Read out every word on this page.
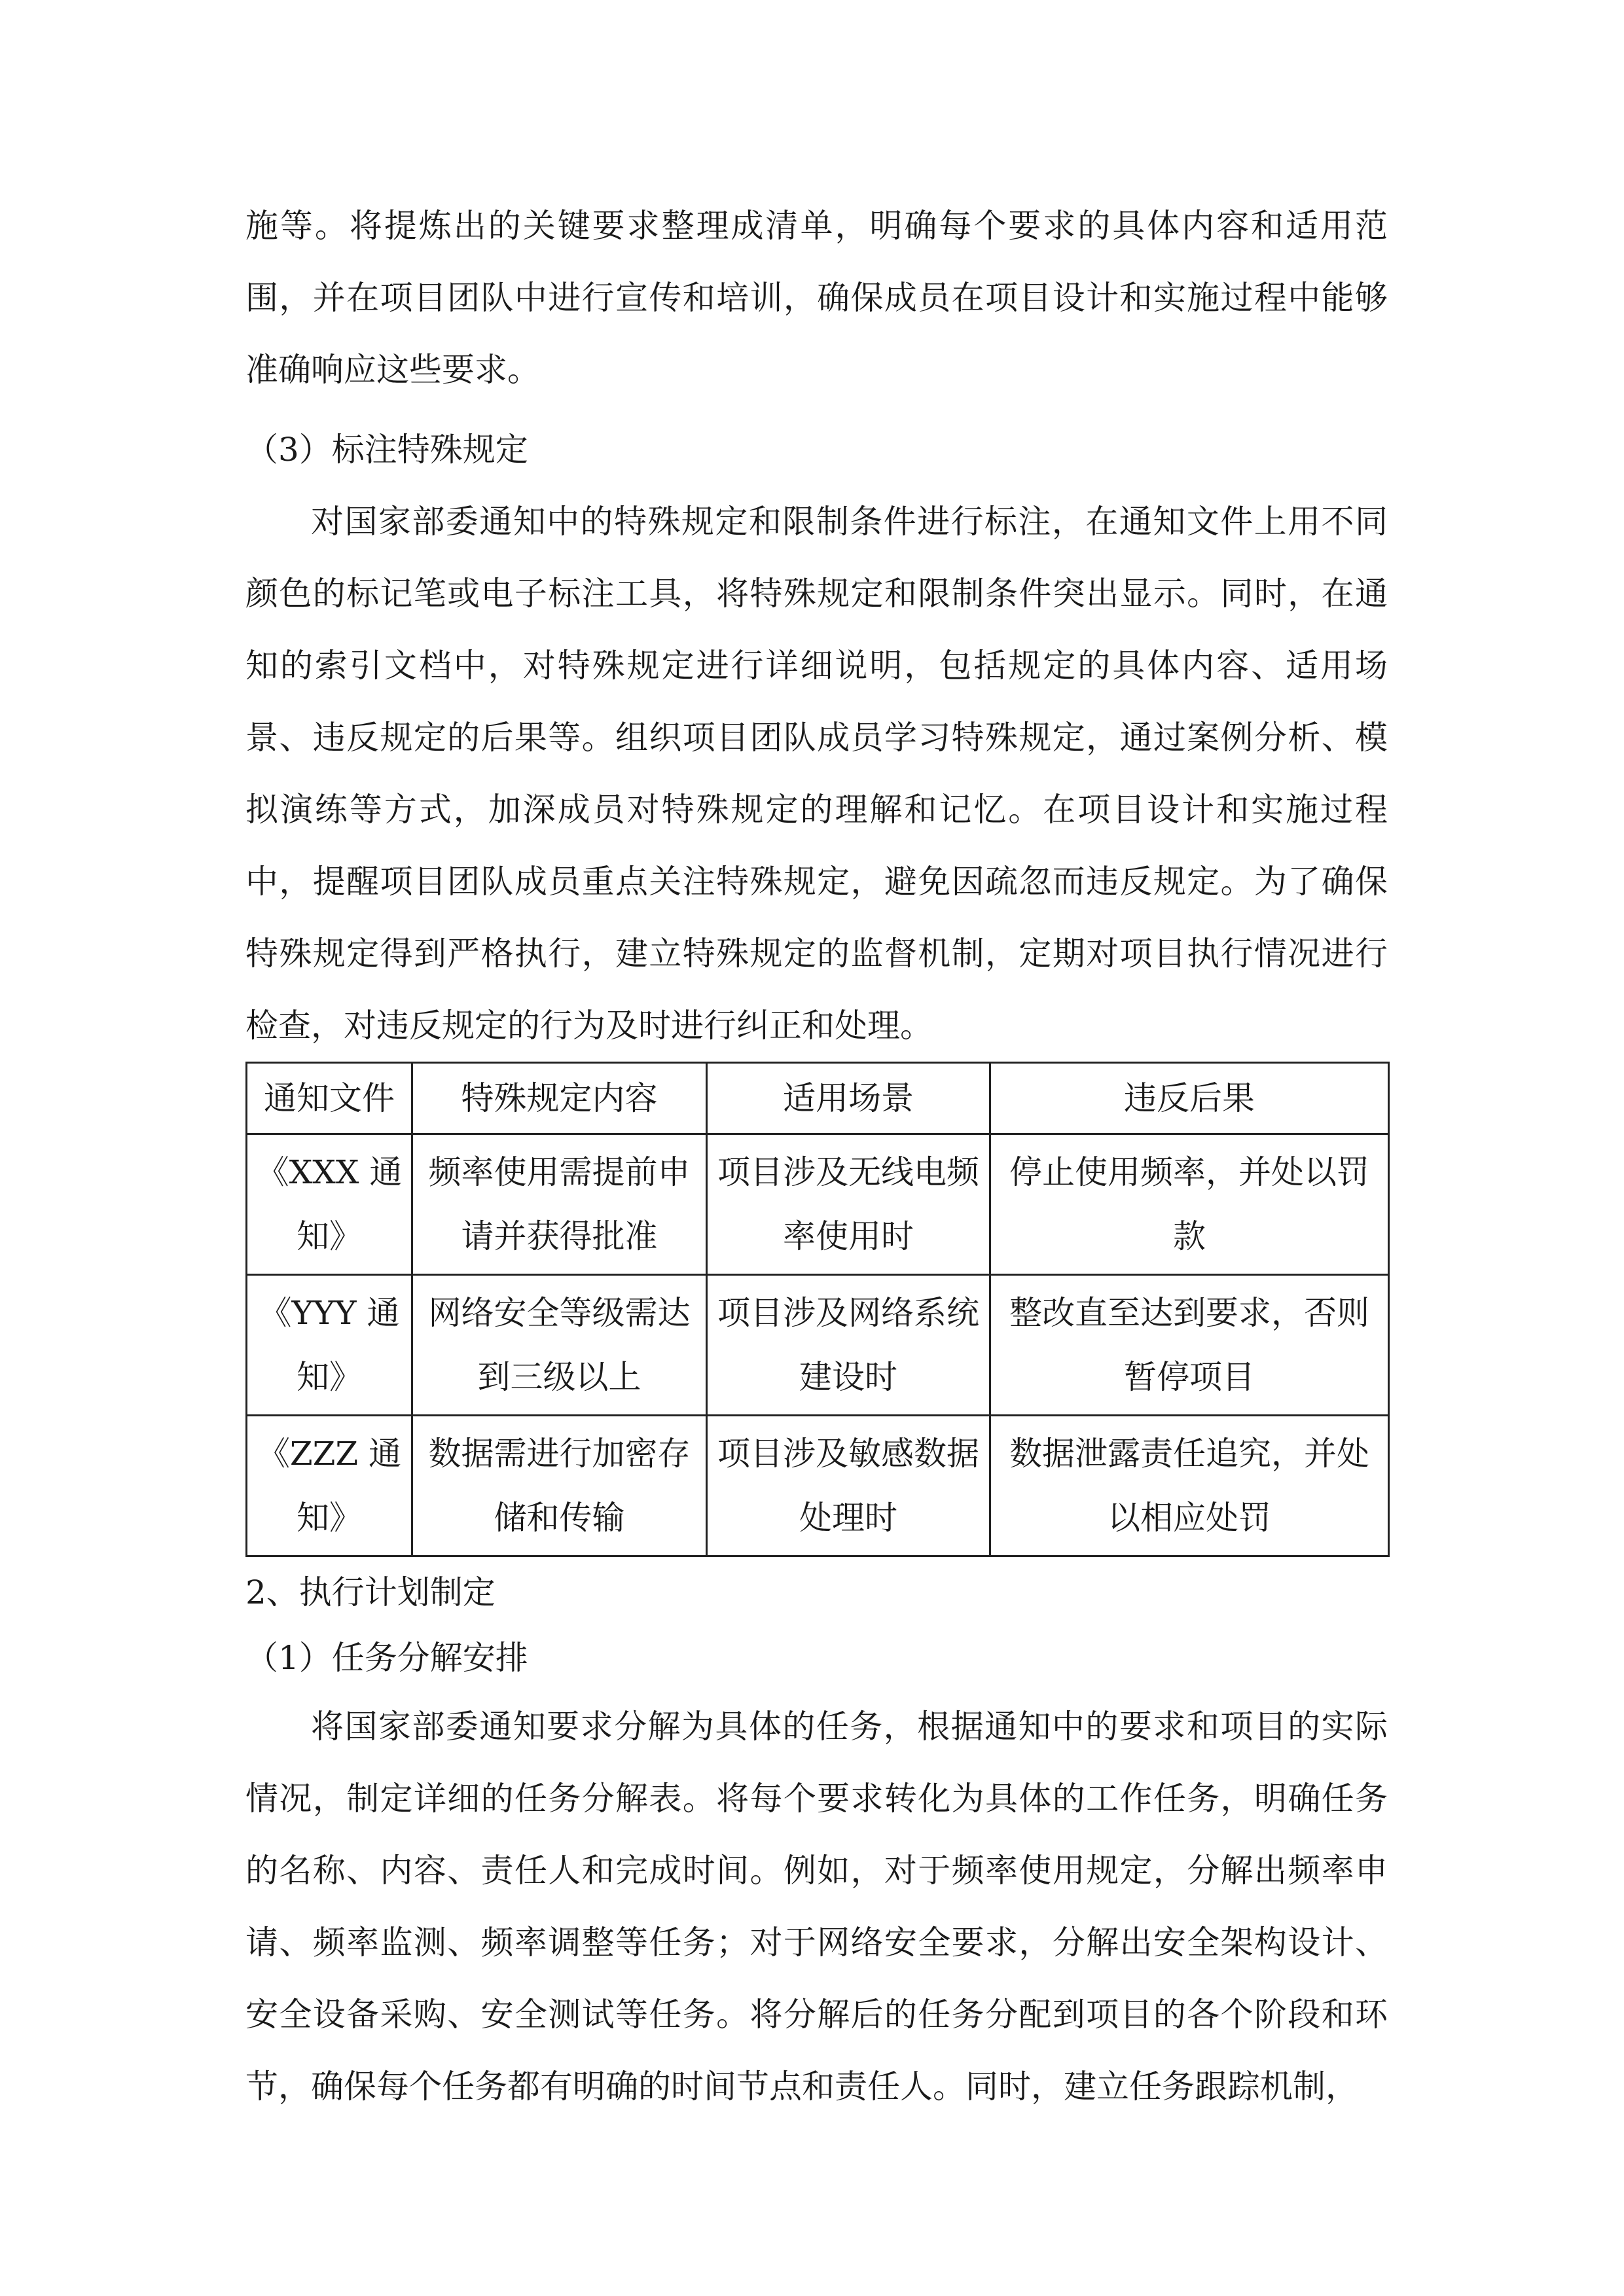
施等。将提炼出的关键要求整理成清单，明确每个要求的具体内容和适用范围，并在项目团队中进行宣传和培训，确保成员在项目设计和实施过程中能够准确响应这些要求。

（3）标注特殊规定

对国家部委通知中的特殊规定和限制条件进行标注，在通知文件上用不同颜色的标记笔或电子标注工具，将特殊规定和限制条件突出显示。同时，在通知的索引文档中，对特殊规定进行详细说明，包括规定的具体内容、适用场景、违反规定的后果等。组织项目团队成员学习特殊规定，通过案例分析、模拟演练等方式，加深成员对特殊规定的理解和记忆。在项目设计和实施过程中，提醒项目团队成员重点关注特殊规定，避免因疏忽而违反规定。为了确保特殊规定得到严格执行，建立特殊规定的监督机制，定期对项目执行情况进行检查，对违反规定的行为及时进行纠正和处理。

通知文件	特殊规定内容	适用场景	违反后果
《XXX 通知》	频率使用需提前申请并获得批准	项目涉及无线电频率使用时	停止使用频率，并处以罚款
《YYY 通知》	网络安全等级需达到三级以上	项目涉及网络系统建设时	整改直至达到要求，否则暂停项目
《ZZZ 通知》	数据需进行加密存储和传输	项目涉及敏感数据处理时	数据泄露责任追究，并处以相应处罚

2、执行计划制定

（1）任务分解安排

将国家部委通知要求分解为具体的任务，根据通知中的要求和项目的实际情况，制定详细的任务分解表。将每个要求转化为具体的工作任务，明确任务的名称、内容、责任人和完成时间。例如，对于频率使用规定，分解出频率申请、频率监测、频率调整等任务；对于网络安全要求，分解出安全架构设计、安全设备采购、安全测试等任务。将分解后的任务分配到项目的各个阶段和环节，确保每个任务都有明确的时间节点和责任人。同时，建立任务跟踪机制，
